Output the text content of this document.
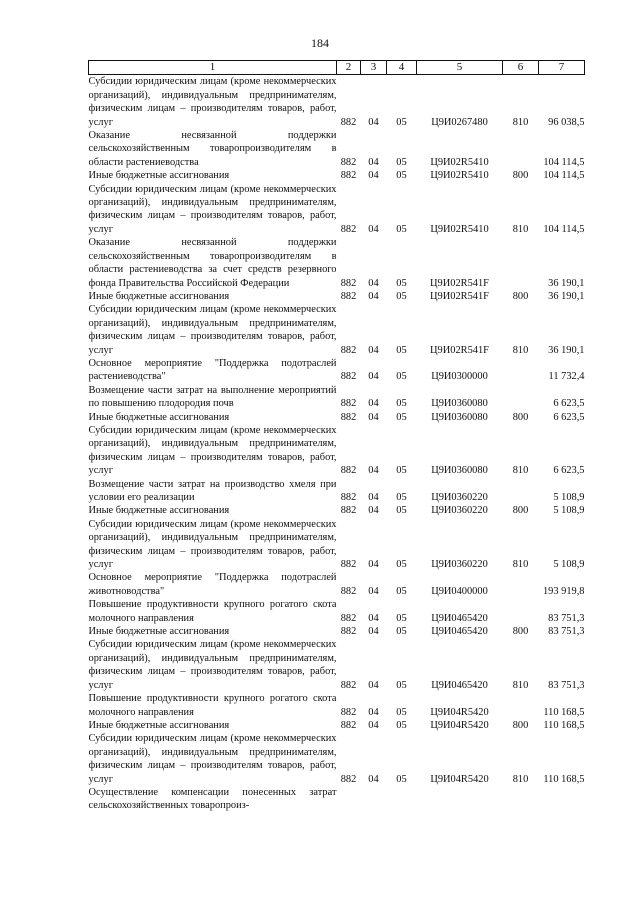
184
1	2	3	4	5	6	7
Субсидии юридическим лицам (кроме некоммерческих организаций), индивидуальным предпринимателям, физическим лицам – производителям товаров, работ, услуг	882	04	05	Ц9И0267480	810	96 038,5
Оказание несвязанной поддержки сельскохозяйственным товаропроизводителям в области растениеводства	882	04	05	Ц9И02R5410		104 114,5
Иные бюджетные ассигнования	882	04	05	Ц9И02R5410	800	104 114,5
Субсидии юридическим лицам (кроме некоммерческих организаций), индивидуальным предпринимателям, физическим лицам – производителям товаров, работ, услуг	882	04	05	Ц9И02R5410	810	104 114,5
Оказание несвязанной поддержки сельскохозяйственным товаропроизводителям в области растениеводства за счет средств резервного фонда Правительства Российской Федерации	882	04	05	Ц9И02R541F		36 190,1
Иные бюджетные ассигнования	882	04	05	Ц9И02R541F	800	36 190,1
Субсидии юридическим лицам (кроме некоммерческих организаций), индивидуальным предпринимателям, физическим лицам – производителям товаров, работ, услуг	882	04	05	Ц9И02R541F	810	36 190,1
Основное мероприятие "Поддержка подотраслей растениеводства"	882	04	05	Ц9И0300000		11 732,4
Возмещение части затрат на выполнение мероприятий по повышению плодородия почв	882	04	05	Ц9И0360080		6 623,5
Иные бюджетные ассигнования	882	04	05	Ц9И0360080	800	6 623,5
Субсидии юридическим лицам (кроме некоммерческих организаций), индивидуальным предпринимателям, физическим лицам – производителям товаров, работ, услуг	882	04	05	Ц9И0360080	810	6 623,5
Возмещение части затрат на производство хмеля при условии его реализации	882	04	05	Ц9И0360220		5 108,9
Иные бюджетные ассигнования	882	04	05	Ц9И0360220	800	5 108,9
Субсидии юридическим лицам (кроме некоммерческих организаций), индивидуальным предпринимателям, физическим лицам – производителям товаров, работ, услуг	882	04	05	Ц9И0360220	810	5 108,9
Основное мероприятие "Поддержка подотраслей животноводства"	882	04	05	Ц9И0400000		193 919,8
Повышение продуктивности крупного рогатого скота молочного направления	882	04	05	Ц9И0465420		83 751,3
Иные бюджетные ассигнования	882	04	05	Ц9И0465420	800	83 751,3
Субсидии юридическим лицам (кроме некоммерческих организаций), индивидуальным предпринимателям, физическим лицам – производителям товаров, работ, услуг	882	04	05	Ц9И0465420	810	83 751,3
Повышение продуктивности крупного рогатого скота молочного направления	882	04	05	Ц9И04R5420		110 168,5
Иные бюджетные ассигнования	882	04	05	Ц9И04R5420	800	110 168,5
Субсидии юридическим лицам (кроме некоммерческих организаций), индивидуальным предпринимателям, физическим лицам – производителям товаров, работ, услуг	882	04	05	Ц9И04R5420	810	110 168,5
Осуществление компенсации понесенных затрат сельскохозяйственных товаропроиз-						
